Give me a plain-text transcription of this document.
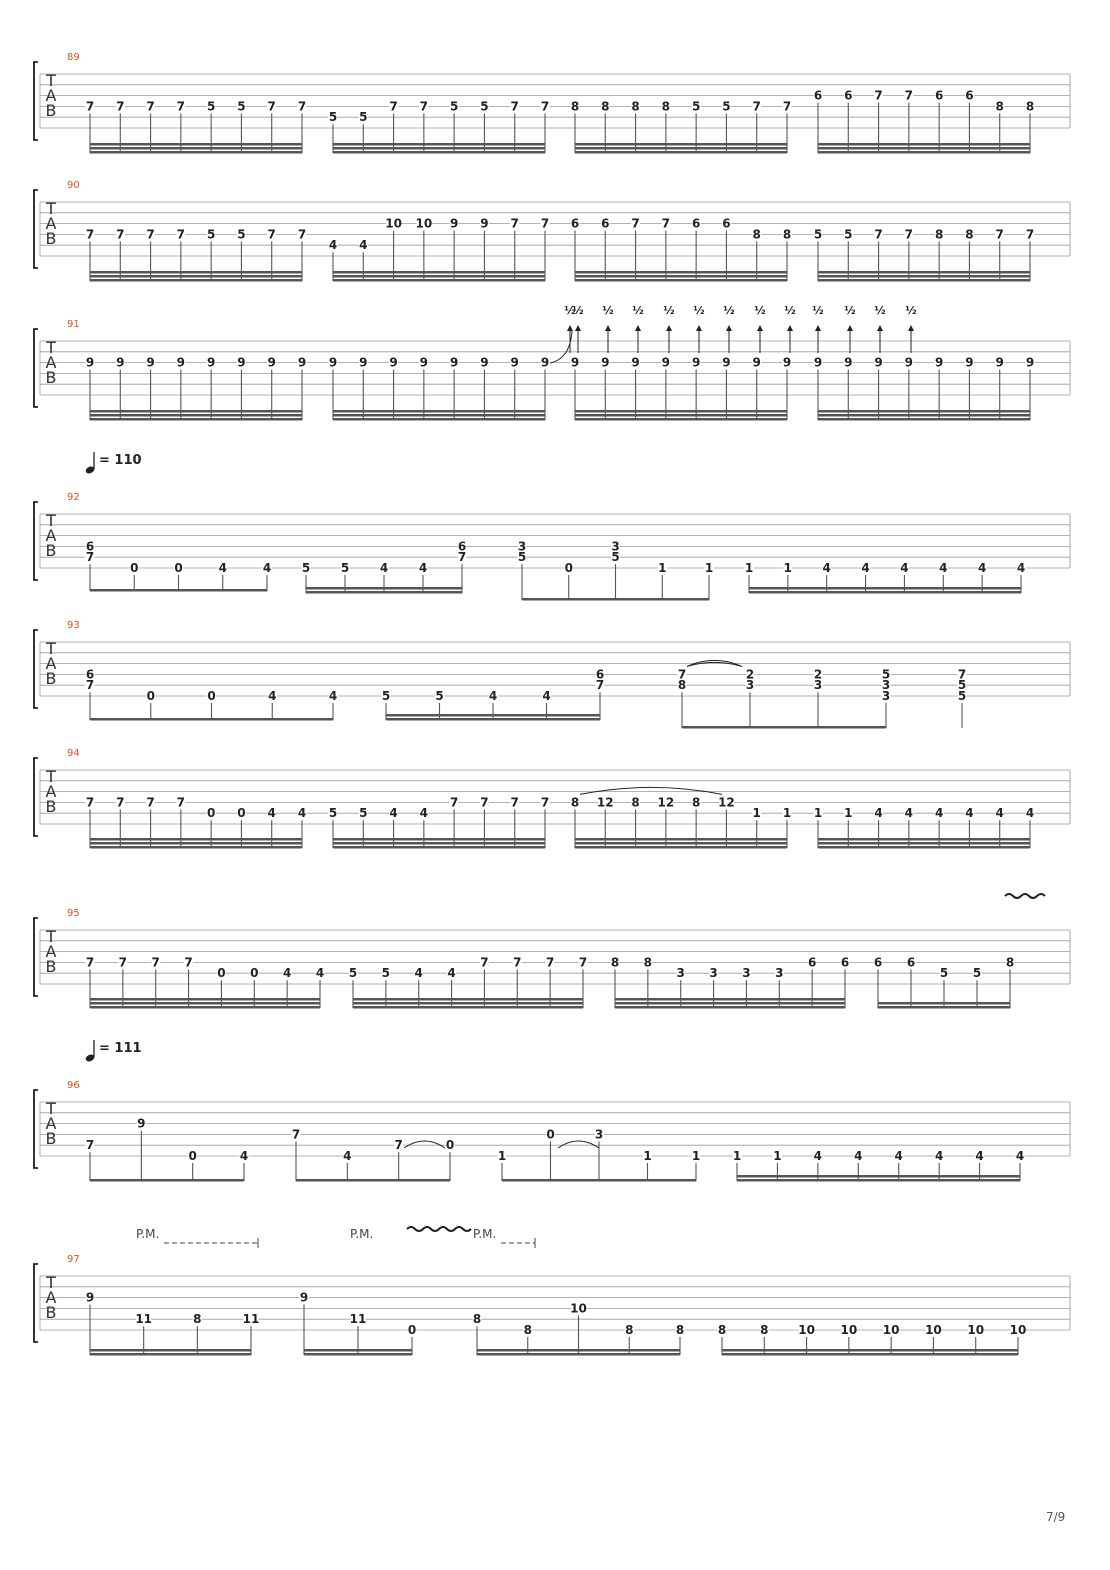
89
T
A
B 7 7 7 7 5 5 7 7
5 5
7 7 5 5 7 7 8 8 8 8 5 5 7 7
6 6 7 7 6 6
8 8
90
T
A
B 7 7 7 7 5 5 7 7
4 4
10 10 9 9 7 7 6 6 7 7 6 6
8 8 5 5 7 7 8 8 7 7
91
T
A
B
9 9 9 9 9 9 9 9 9 9 9 9 9 9 9 9 9 9 9 9 9 9 9 9 9 9 9 9 9 9 9 9
½
½ ½ ½ ½ ½ ½ ½ ½ ½ ½ ½ ½
92
T
A
B
= 110
6
7
0	0	4	4	5	5	4	4
6
7
3
5
0
3
5
1	1	1	1	4	4	4	4	4	4
93
T
A
B 6
7
0	0	4	4	5	5	4	4
6
7
7
8
2
3
2
3
5
3
3
7
5
5
94
T
A
B 7 7 7 7
0 0 4 4 5 5 4 4
7 7 7 7 8 12 8 12 8 12
1 1 1 1 4 4 4 4 4 4
95
T
A
B 7 7 7 7
0 0 4 4 5 5 4 4
7 7 7 7 8 8
3 3 3 3
6 6 6 6
5 5
8
96
T
A
B
= 111
7
9
0	4
7
4
7	0
1
0	3
1	1	1	1	4	4	4	4	4	4
97
T
A
B
P.M.	P.M.	P.M.
9
11	8	11
9
11
0
8
8
10
8	8	8	8 10 10 10 10 10 10
7/9
